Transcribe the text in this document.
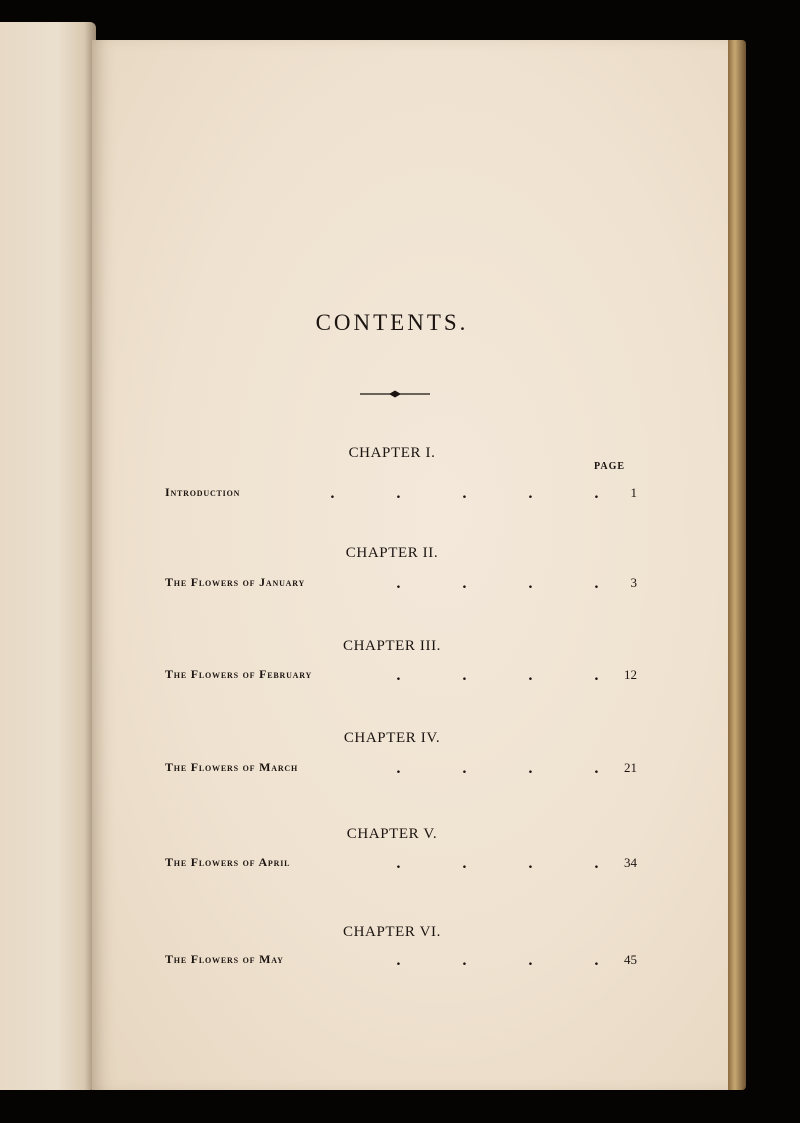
CONTENTS.
PAGE
CHAPTER I.
Introduction	.	.	.	.	. 1
CHAPTER II.
The Flowers of January	.	.	.	. 3
CHAPTER III.
The Flowers of February	.	.	.	. 12
CHAPTER IV.
The Flowers of March	.	.	.	. 21
CHAPTER V.
The Flowers of April	.	.	.	. 34
CHAPTER VI.
The Flowers of May	.	.	.	. 45
